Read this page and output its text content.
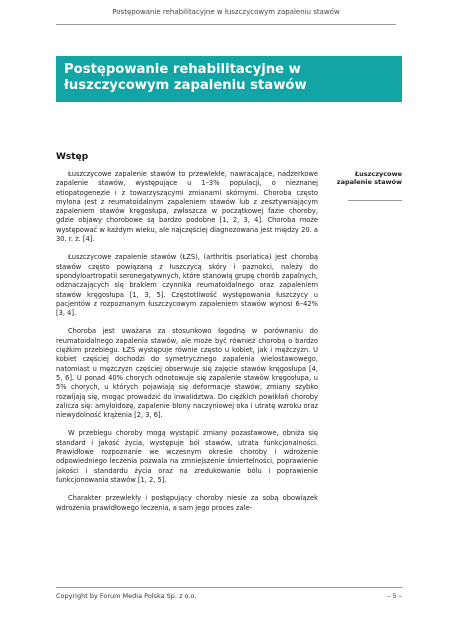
Postępowanie rehabilitacyjne w łuszczycowym zapaleniu stawów
Postępowanie rehabilitacyjne w łuszczycowym zapaleniu stawów
Wstęp
Łuszczycowe zapalenie stawów

Łuszczycowe zapalenie stawów to przewlekłe, nawracające, nadżerkowe zapalenie stawów, występujące u 1–3% populacji, o nieznanej etiopatogenezie i z towarzyszącymi zmianami skórnymi. Choroba często mylona jest z reumatoidalnym zapaleniem stawów lub z zesztywniającym zapaleniem stawów kręgosłupa, zwłaszcza w początkowej fazie choroby, gdzie objawy chorobowe są bardzo podobne [1, 2, 3, 4]. Choroba może występować w każdym wieku, ale najczęściej diagnozowana jest między 20. a 30. r. ż. [4].

Łuszczycowe zapalenie stawów (ŁZS), (arthritis psoriatica) jest chorobą stawów często powiązaną z łuszczycą skóry i paznokci, należy do spondyloartropatii seronegatywnych, które stanowią grupę chorób zapalnych, odznaczających się brakiem czynnika reumatoidalnego oraz zapaleniem stawów kręgosłupa [1, 3, 5]. Częstotliwość występowania łuszczycy u pacjentów z rozpoznanym łuszczycowym zapaleniem stawów wynosi 6–42% [3, 4].

Choroba jest uważana za stosunkowo łagodną w porównaniu do reumatoidalnego zapalenia stawów, ale może być również chorobą o bardzo ciężkim przebiegu. ŁZS występuje równie często u kobiet, jak i mężczyzn. U kobiet częściej dochodzi do symetrycznego zapalenia wielostawowego, natomiast u mężczyzn częściej obserwuje się zajęcie stawów kręgosłupa [4, 5, 6]. U ponad 40% chorych odnotowuje się zapalenie stawów kręgosłupa, u 5% chorych, u których pojawiają się deformacje stawów, zmiany szybko rozwijają się, mogąc prowadzić do inwalidztwa. Do ciężkich powikłań choroby zalicza się: amyloidozę, zapalenie błony naczyniowej oka i utratę wzroku oraz niewydolność krążenia [2, 3, 6].

W przebiegu choroby mogą wystąpić zmiany pozastawowe, obniża się standard i jakość życia, występuje ból stawów, utrata funkcjonalności. Prawidłowe rozpoznanie we wczesnym okresie choroby i wdrożenie odpowiedniego leczenia pozwala na zmniejszenie śmiertelności, poprawienie jakości i standardu życia oraz na zredukowanie bólu i poprawienie funkcjonowania stawów [1, 2, 5].

Charakter przewlekły i postępujący choroby niesie za sobą obowiązek wdrożenia prawidłowego leczenia, a sam jego proces zale-

Copyright by Forum Media Polska Sp. z o.o.	– 5 –
